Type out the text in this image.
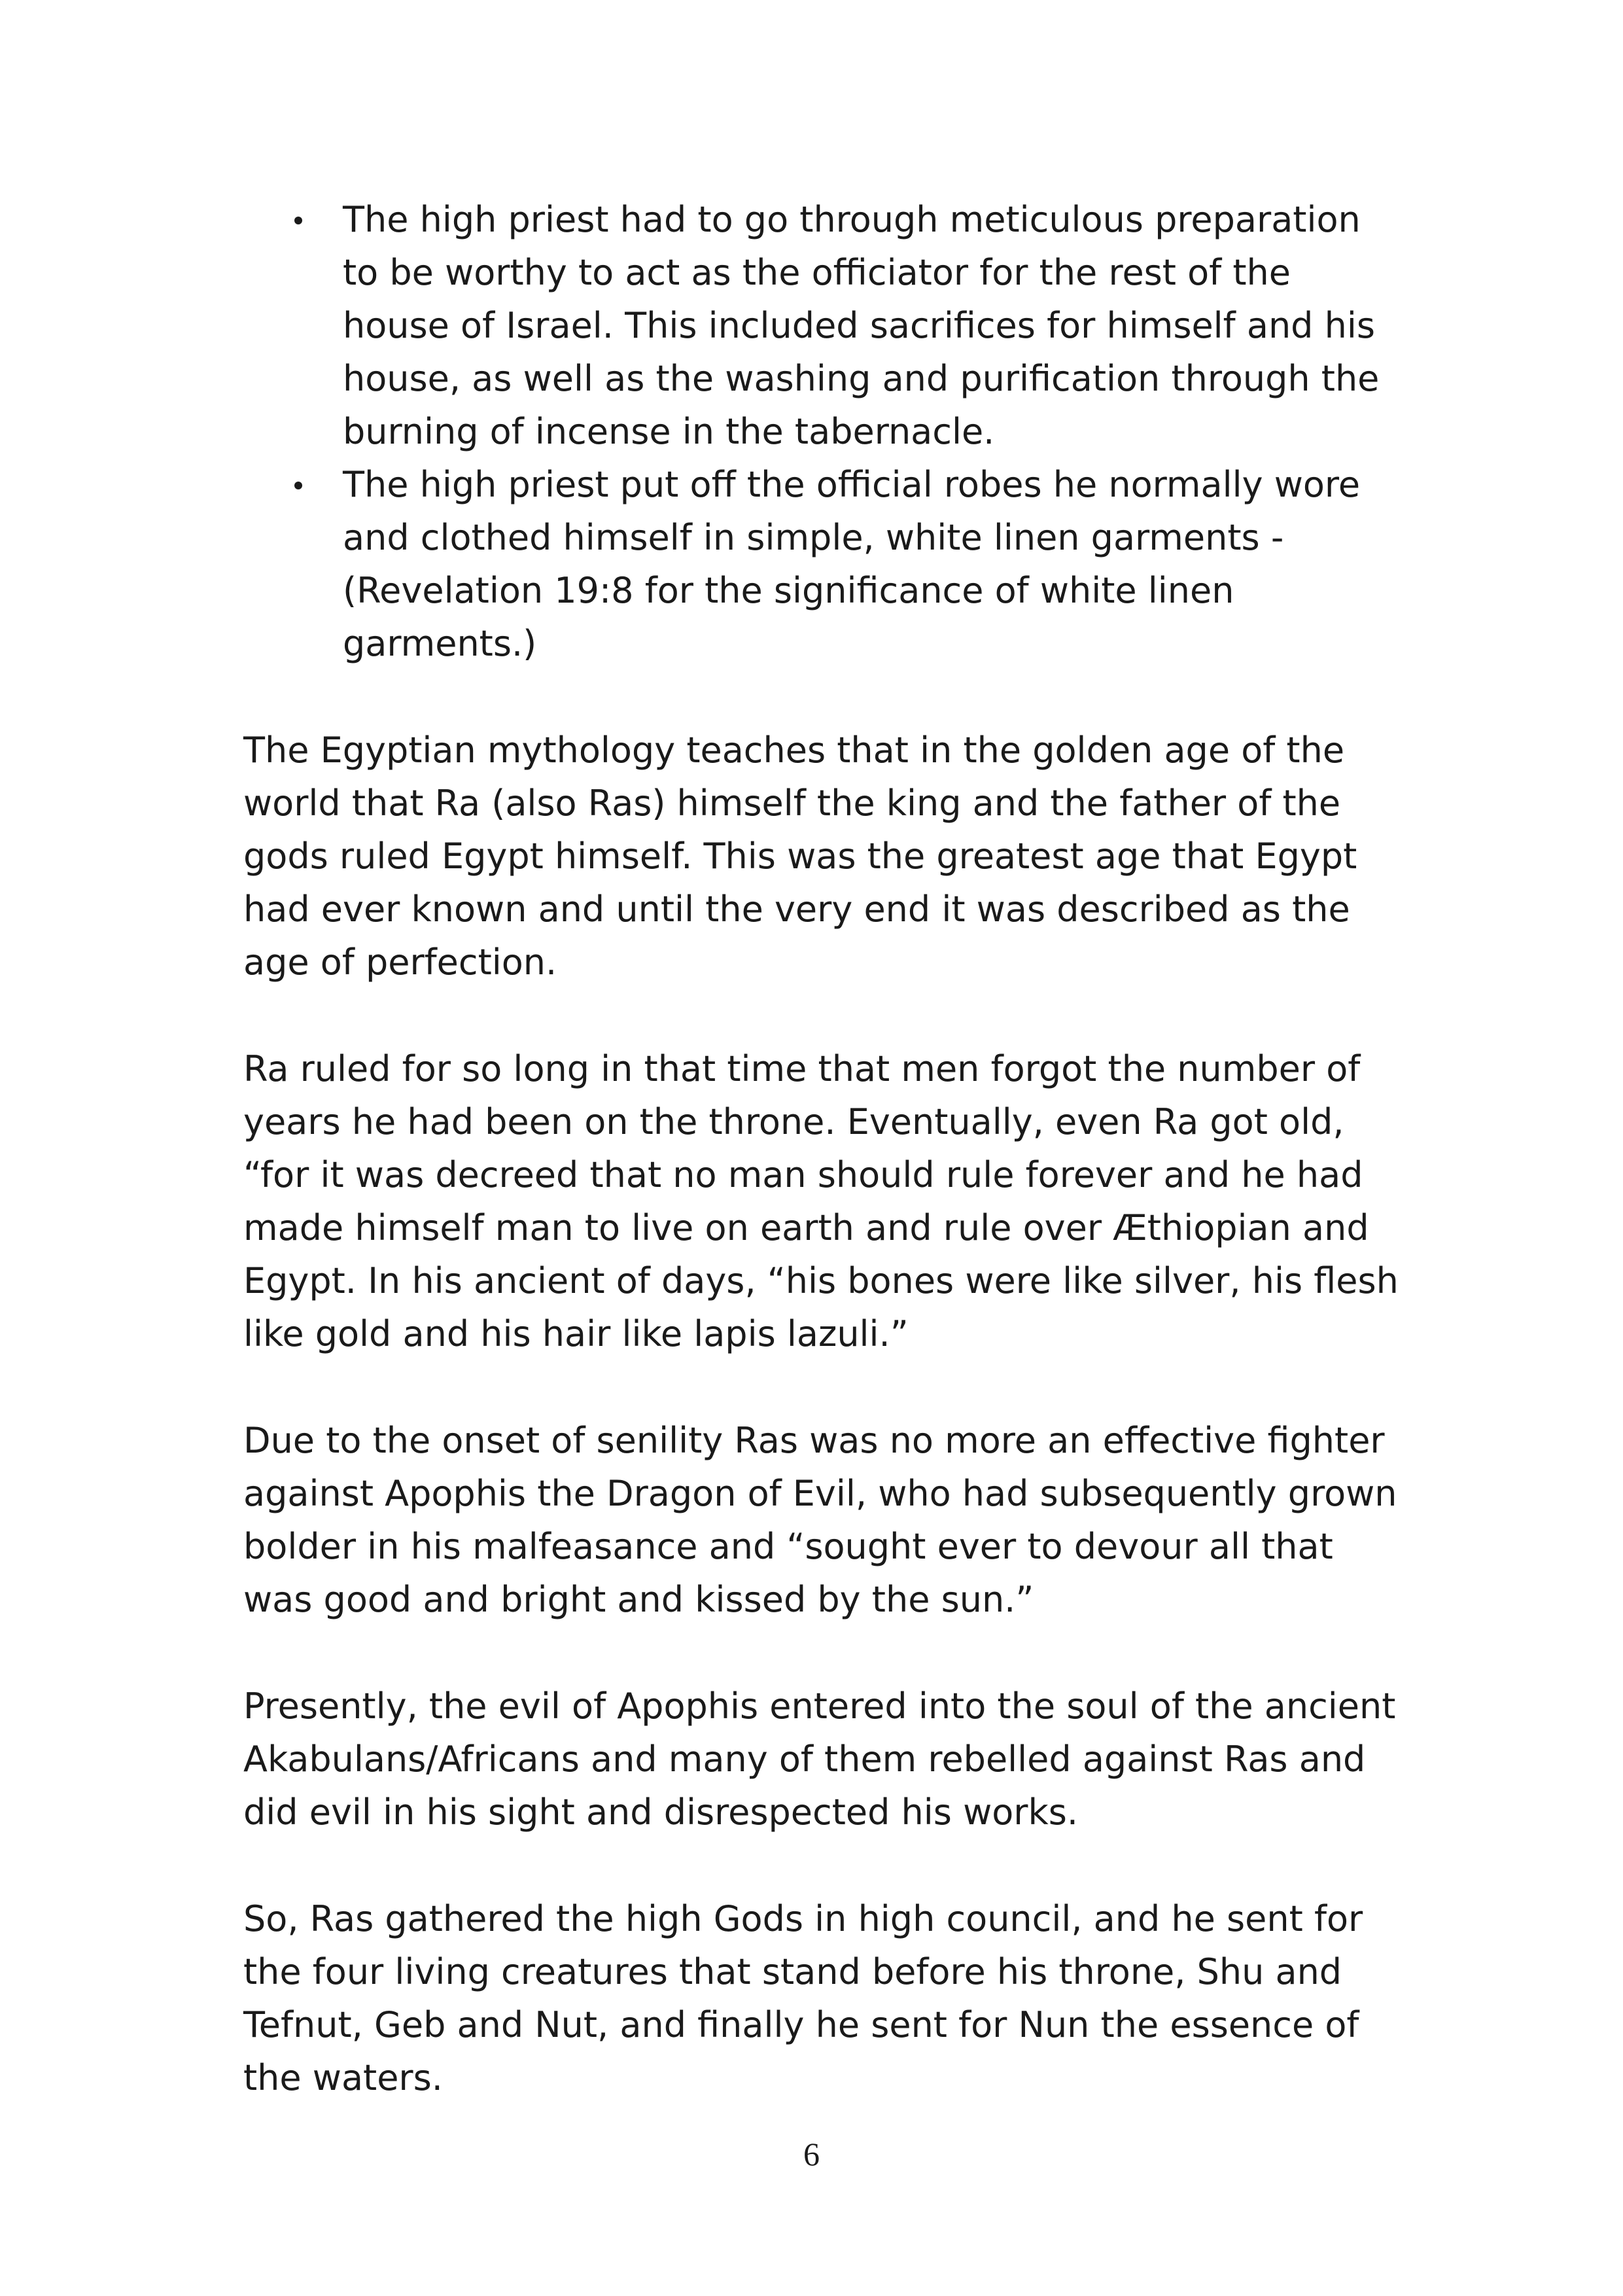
The high priest had to go through meticulous preparation to be worthy to act as the officiator for the rest of the house of Israel. This included sacrifices for himself and his house, as well as the washing and purification through the burning of incense in the tabernacle.
The high priest put off the official robes he normally wore and clothed himself in simple, white linen garments - (Revelation 19:8 for the significance of white linen garments.)

The Egyptian mythology teaches that in the golden age of the world that Ra (also Ras) himself the king and the father of the gods ruled Egypt himself. This was the greatest age that Egypt had ever known and until the very end it was described as the age of perfection.

Ra ruled for so long in that time that men forgot the number of years he had been on the throne. Eventually, even Ra got old, “for it was decreed that no man should rule forever and he had made himself man to live on earth and rule over Æthiopian and Egypt. In his ancient of days, “his bones were like silver, his flesh like gold and his hair like lapis lazuli.”

Due to the onset of senility Ras was no more an effective fighter against Apophis the Dragon of Evil, who had subsequently grown bolder in his malfeasance and “sought ever to devour all that was good and bright and kissed by the sun.”

Presently, the evil of Apophis entered into the soul of the ancient Akabulans/Africans and many of them rebelled against Ras and did evil in his sight and disrespected his works.

So, Ras gathered the high Gods in high council, and he sent for the four living creatures that stand before his throne, Shu and Tefnut, Geb and Nut, and finally he sent for Nun the essence of the waters.

6
